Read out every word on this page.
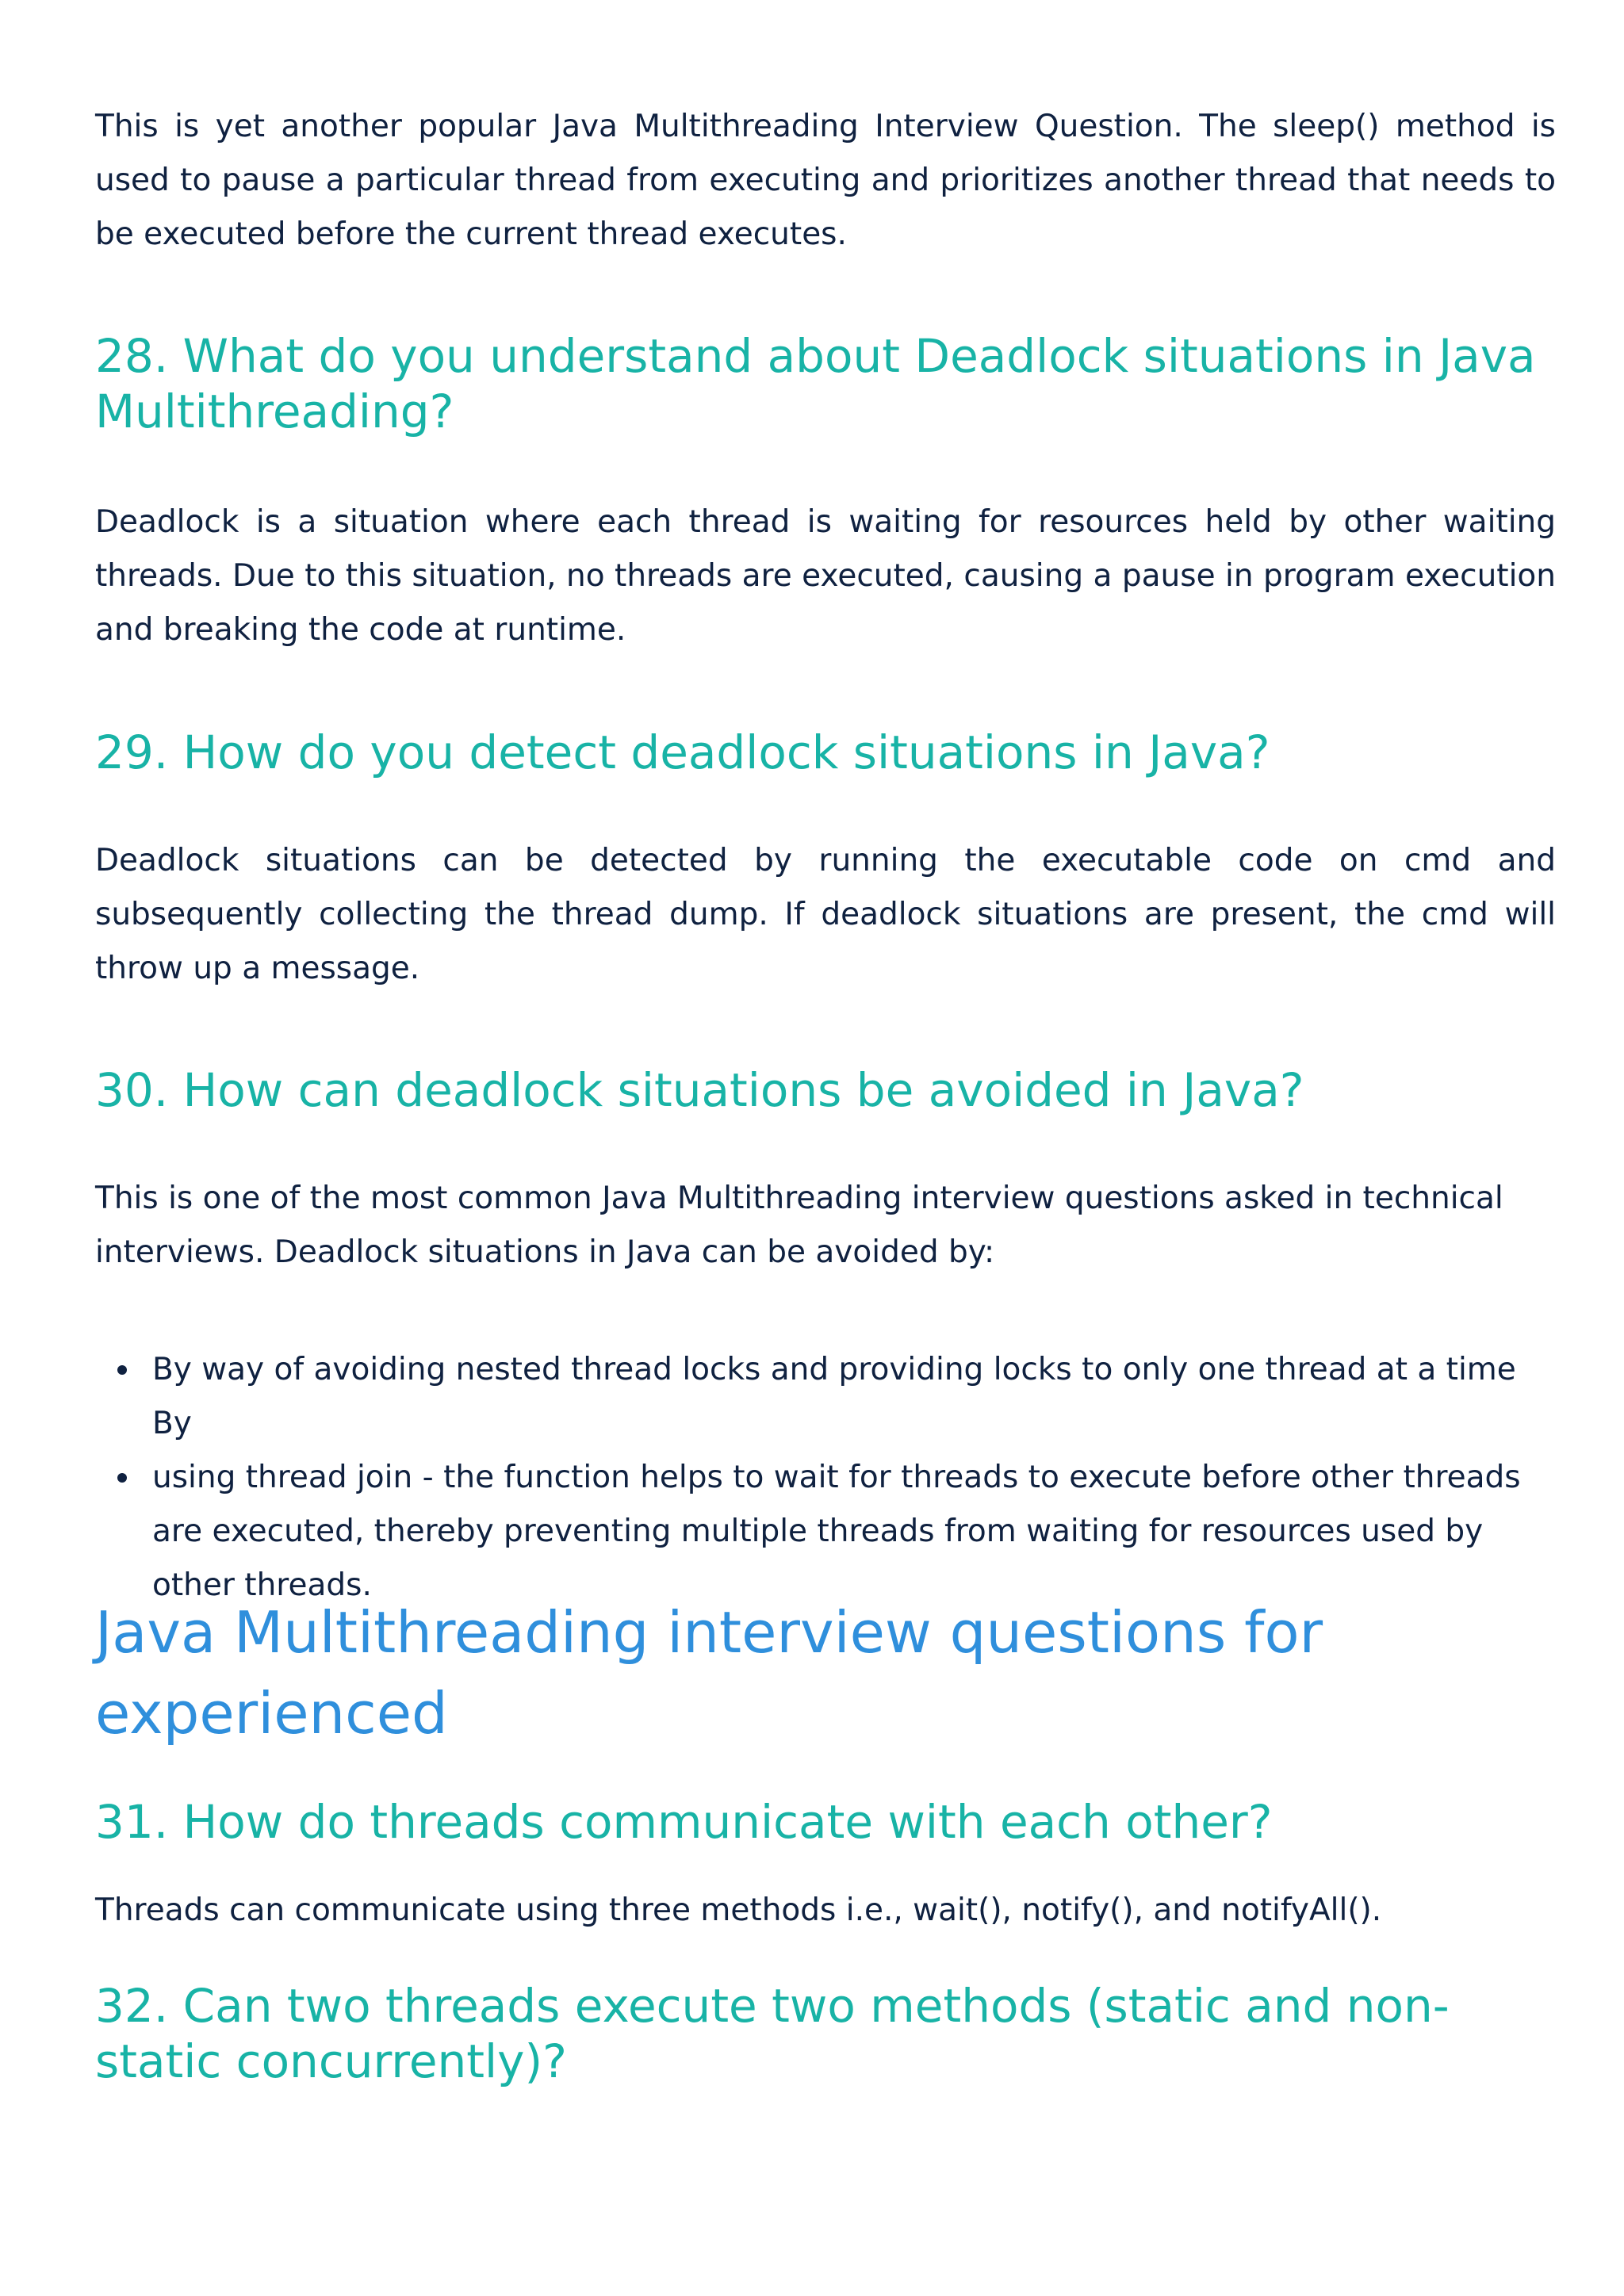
This is yet another popular Java Multithreading Interview Question. The sleep() method is used to pause a particular thread from executing and prioritizes another thread that needs to be executed before the current thread executes.

28. What do you understand about Deadlock situations in Java Multithreading?

Deadlock is a situation where each thread is waiting for resources held by other waiting threads. Due to this situation, no threads are executed, causing a pause in program execution and breaking the code at runtime.

29. How do you detect deadlock situations in Java?

Deadlock situations can be detected by running the executable code on cmd and subsequently collecting the thread dump. If deadlock situations are present, the cmd will throw up a message.

30. How can deadlock situations be avoided in Java?

This is one of the most common Java Multithreading interview questions asked in technical interviews. Deadlock situations in Java can be avoided by:

By way of avoiding nested thread locks and providing locks to only one thread at a time By
using thread join - the function helps to wait for threads to execute before other threads are executed, thereby preventing multiple threads from waiting for resources used by other threads.
Java Multithreading interview questions for experienced
31. How do threads communicate with each other?

Threads can communicate using three methods i.e., wait(), notify(), and notifyAll().

32. Can two threads execute two methods (static and non-static concurrently)?
